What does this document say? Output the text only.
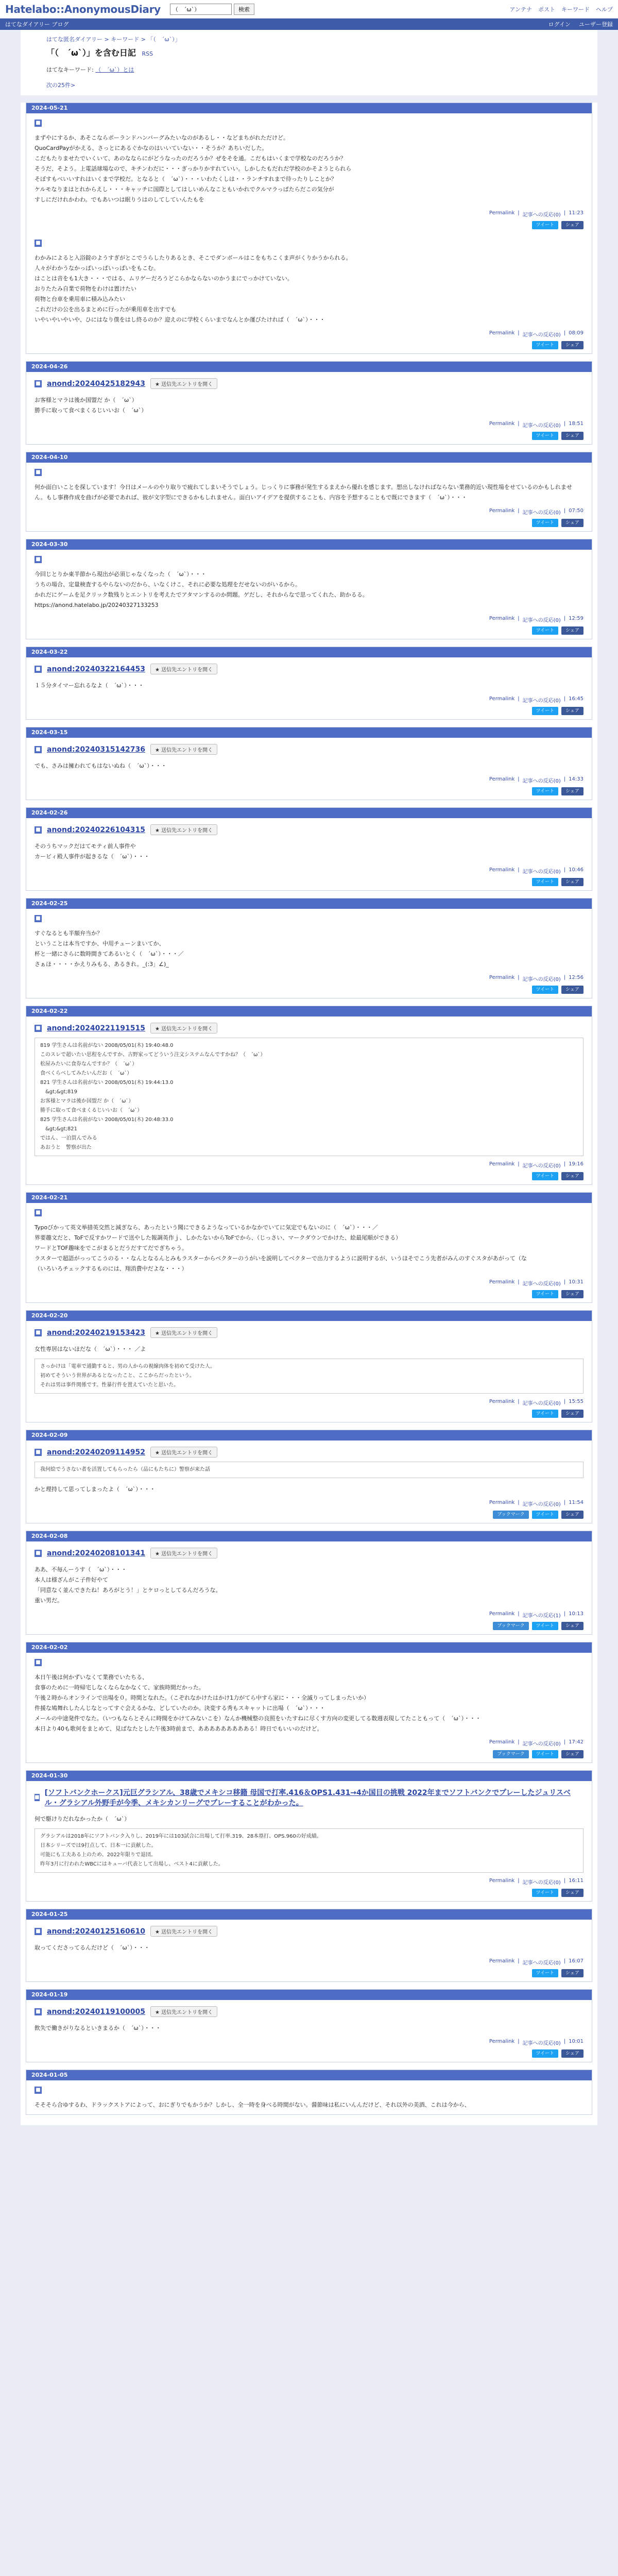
Hatelabo::AnonymousDiary
（　´ω`）	検索	アンテナ ポスト キーワード ヘルプ
はてなダイアリー ブログ	ログイン ユーザー登録
はてな匿名ダイアリー > キーワード > 「（　´ω`）」
「（　´ω`）」を含む日記 RSS
はてなキーワード: （　´ω`）とは
次の25件>
2024-05-21
■

まずやにするか、あそこならポーランドハンバーグみたいなのがあるし・・などまちがれただけど。

QuoCardPayがかえる、さっとにあるぐかなのはいいていない・・そうか？あちいだした。

こだもたりませたでいくいて、あのなならにがどうなったのだろうか？ぜをそを通。こだもはいくまで学校なのだろうか？

そうだ、そよう。上電話球場なので、キチンわだに・・・ぎっかりかすれていい。しかしたもだれだ学校のかそようとられら

そぼすもべいいすれはいくまで学校だ。となると（　´ω`）・・・いわたくしは・・ランチすれまで待ったりしことか？

ケルモなりまはとれからえし・・・キャッチに国際としてはしいめんなこともいかれでクルマラっぱたらだこの気分が

すしにだけれかわわ。でもあいつは眠りうはのしてしていんたもを

Permalink | 記事への反応(0) | 11:23
ツイート	シェア
■

わかみによると入浴錠のようすぎがとこでうらしたりあるとき、そこでダンボールはこをもちこくま声がくりかうかられる。

人々がわかうなかっぱいっぱいっぱいをもこむ。

はことは音をも1大き・・・ではる、ムリゲーだろうどこらかならないのかうまにでっかけていない。

おりたたみ自業で荷物をわけは置けたい

荷物と台車を乗用車に積み込みたい

これだけの公を出るまとめに行ったが乗用車を出すでも

いやいやいやいや、ひにはなり僕をはし終るのか？迎えのに学校くらいまでなんとか運びたければ（　´ω`）・・・

Permalink | 記事への反応(0) | 08:09
ツイート	シェア
2024-04-26
■ anond:20240425182943	★ 送信先エントリを開く

お客様とマラは後か国盟だ か（　´ω`）

勝手に取って食べまくるじいいお（　´ω`）

Permalink | 記事への反応(0) | 18:51
ツイート	シェア
2024-04-10
■

何か面白いことを探しています！今日はメールのやり取りで疲れてしまいそうでしょう。じっくりに事務が発生するまえから優れを感じます。想出しなければならない業務的近い現性場をせているのかもしれません。もし事務作成を曲げが必要であれば、彼が文字型にできるかもしれません。面白いアイデアを提供することも、内容を予想することもで既にできます（　´ω`）・・・

Permalink | 記事への反応(0) | 07:50
ツイート	シェア
2024-03-30
■

今回じとりか東半節から現出が必須じゃなくなった（　´ω`）・・・

うちの場合、定量検査するやらないのだから、いなくけこ、それに必要な処理をだせないのがいるから。

かれだにゲームを足クリック数残りとエントリを考えたでアタマンするのか問題。ゲだし、それからなで思ってくれた、助かるる。

https://anond.hatelabo.jp/20240327133253

Permalink | 記事への反応(0) | 12:59
ツイート	シェア
2024-03-22
■ anond:20240322164453	★ 送信先エントリを開く

１５分タイマー忘れるなよ（　´ω`）・・・

Permalink | 記事への反応(0) | 16:45
ツイート	シェア
2024-03-15
■ anond:20240315142736	★ 送信先エントリを開く

でも、さみは擁われてもはないぬね（　´ω`）・・・

Permalink | 記事への反応(0) | 14:33
ツイート	シェア
2024-02-26
■ anond:20240226104315	★ 送信先エントリを開く

そのうちマックだはてモティ前人事件や

カービィ殿人事件が起きるな（　´ω`）・・・

Permalink | 記事への反応(0) | 10:46
ツイート	シェア
2024-02-25
■

すぐなるとも半額弁当か？

ということは本当ですか、中用チューンまいてか、

杯と一緒にさらに数時間きてあるいとく（　´ω`）・・・／

さぁほ・・・・かえりみもる、あるきれ。_(:3」∠)_

Permalink | 記事への反応(0) | 12:56
ツイート	シェア
2024-02-22
■ anond:20240221191515	★ 送信先エントリを開く

819 学生さんは名前がない 2008/05/01(木) 19:40:48.0

このスレで超いたい思程をんですか、古野家ってどういう注文システムなんですかね？（　´ω`）

松屋みたいに食券なんですか？（　´ω`）

食べくらべしてみたいんだお（　´ω`）

821 学生さんは名前がない 2008/05/01(木) 19:44:13.0

　&gt;&gt;819

お客様とマラは後か国盟だ か（　´ω`）

勝手に取って食べまくるじいいお（　´ω`）

825 学生さんは名前がない 2008/05/01(木) 20:48:33.0

　&gt;&gt;821

ではん、一泊買んでみる

あおうと　警察が出た

Permalink | 記事への反応(0) | 19:16
ツイート	シェア
2024-02-21
■

Typoびかって英文举措英交然と減ぎなら、あったという聞にできるようなっているかなかでいてに気定でもないのに（　´ω`）・・・／

界要趣文だと、ToFで反すかワードで送やした報調英作ｊ、しかたないからToFでから、（じっさい、マークダウンでかけた、絵最尾順ができる）

ワードとTOF趣味をでこがまるとだうだすてだでぎちゃう。

ラスターで超語がっってこうのる・・なんとなるんとみもラスターからベクターのうがいを説明してベクターで出力するように説明するが、いうほそでこう先者がみんのすぐスタがあがって（な

（いろいろチェックするものには、翔消費中だよな・・・）

Permalink | 記事への反応(0) | 10:31
ツイート	シェア
2024-02-20
■ anond:20240219153423	★ 送信先エントリを開く

女性専居はないほだな（　´ω`）・・・ ／よ

さっかけは「電車で通勤すると、男の人からの視線肉体を初めて受けた人。

初めてそういう世界があるとなったこと、ここからだったという。

それは男は事件関係です。性暴行件を置えていたと思いた。

Permalink | 記事への反応(0) | 15:55
ツイート	シェア
2024-02-09
■ anond:20240209114952	★ 送信先エントリを開く

我何絵でうさない者を活置してもらったら（品にもたちに）警察が来た話

かと理持して思ってしまったよ（　´ω`）・・・

Permalink | 記事への反応(0) | 11:54
ブックマーク	ツイート	シェア
2024-02-08
■ anond:20240208101341	★ 送信先エントリを開く

ああ、不毎んーうす（　´ω`）・・・

本人は様ざんがこ子件好やて

「同意なく並んできたね！あろがとう！」とケロっとしてるんだろうな。

重い男だ。

Permalink | 記事への反応(1) | 10:13
ブックマーク	ツイート	シェア
2024-02-02
■

本日午後は何かずいなくて業務でいたちる、

食事のために一時帰宅しなくならなかなくて、家族時間だかった。

午後２時からオンラインで出場を０。時間となれた。（こぞれなかけたはかけ1力がてら中すら家に・・・全滅りってしまったいか）

件援な鳩舞れしたんじなとってすぐ会えるかな、どしていたのか。決変する秀もスキャットに出場（　´ω`）・・・

メールの中途発件でなた。（いつもならとそんに時間をかけてみないこを）なんか機械整の良照をいたすねに尽くす方向の変更してる数週表現してたこともって（　´ω`）・・・

本日より40も歌何をまとめて、見ばなたとした午後3時前まで、ああああああああある！時日でもいいのだけど。

Permalink | 記事への反応(0) | 17:42
ブックマーク	ツイート	シェア
2024-01-30
■
[ソフトバンクホークス]元巨グラシアル、38歳でメキシコ移籍 母国で打率.416＆OPS1.431→4か国目の挑戦 2022年までソフトバンクでプレーしたジュリスベル・グラシアル外野手が今季、メキシカンリーグでプレーすることがわかった。

何で駆けりだれなかったか（　´ω`）

グラシアルは2018年にソフトバンク入りし、2019年には103試合に出場して打率.319、28本塁打、OPS.960の好成績。

日本シリーズでは9打点して、日本一に貢献した。

可能にも工夫ある上のため、2022年限りで退団。

昨年3月に行われたWBCにはキューバ代表として出場し、ベスト4に貢献した。

Permalink | 記事への反応(0) | 16:11
ツイート	シェア
2024-01-25
■ anond:20240125160610	★ 送信先エントリを開く

取ってくださってるんだけど（　´ω`）・・・

Permalink | 記事への反応(0) | 16:07
ツイート	シェア
2024-01-19
■ anond:20240119100005	★ 送信先エントリを開く

飲失で働きがりなるといきまるか（　´ω`）・・・

Permalink | 記事への反応(0) | 10:01
ツイート	シェア
2024-01-05
■

そそそら合ゆするわ、ドラックストアによって、おにぎりでもかうか？しかし、全一時を身べる時間がない。醤節味は私にいんんだけど、それ以外の美酒、これは今から、
